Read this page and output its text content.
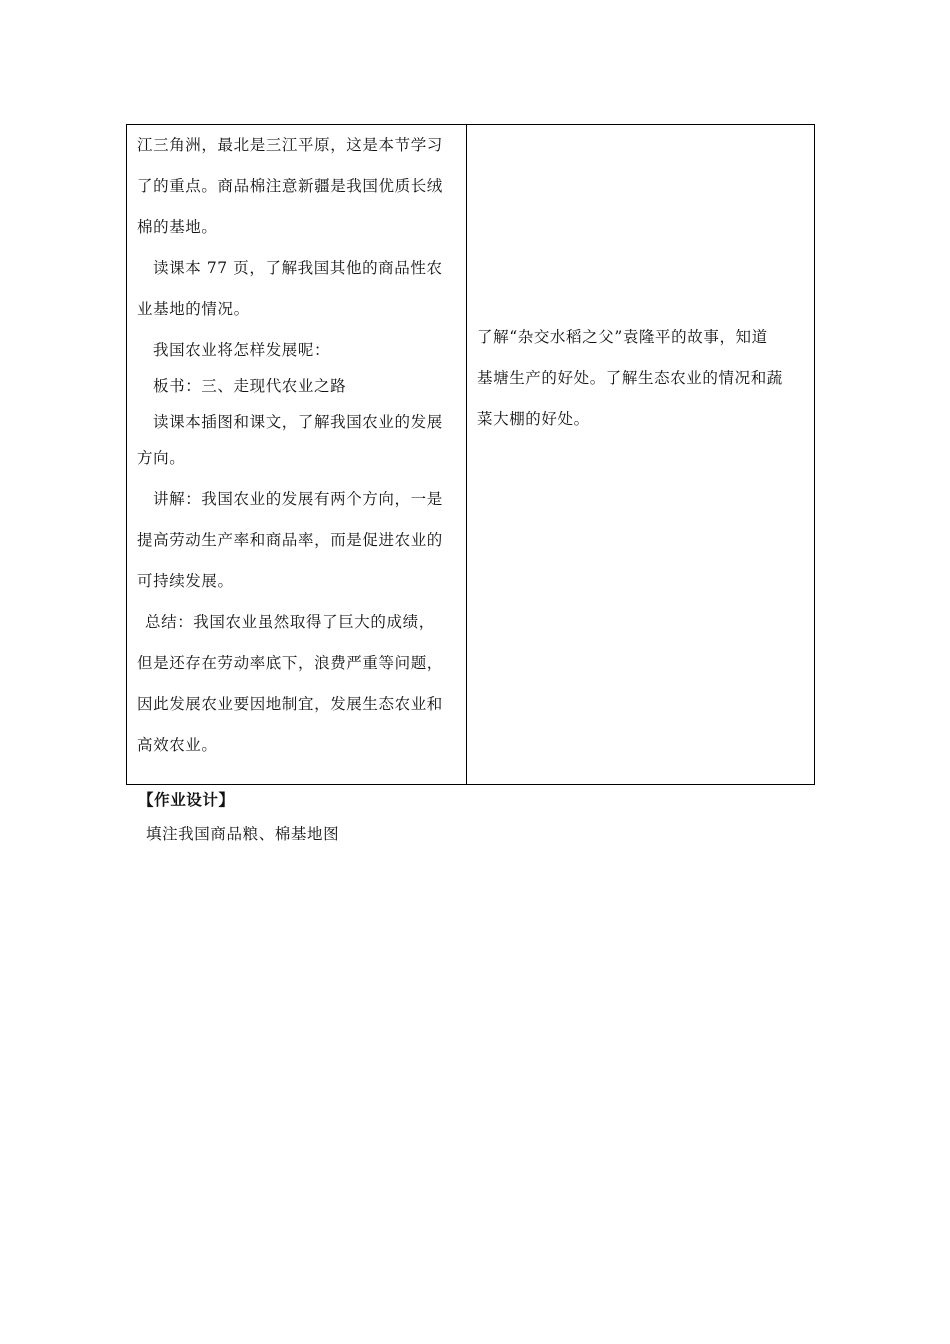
江三角洲，最北是三江平原，这是本节学习
了的重点。商品棉注意新疆是我国优质长绒
棉的基地。
读课本 77 页，了解我国其他的商品性农
业基地的情况。
我国农业将怎样发展呢：
板书：三、走现代农业之路
读课本插图和课文，了解我国农业的发展
方向。
讲解：我国农业的发展有两个方向，一是
提高劳动生产率和商品率，而是促进农业的
可持续发展。
总结：我国农业虽然取得了巨大的成绩，
但是还存在劳动率底下，浪费严重等问题，
因此发展农业要因地制宜，发展生态农业和
高效农业。
了解“杂交水稻之父”袁隆平的故事，知道
基塘生产的好处。了解生态农业的情况和蔬
菜大棚的好处。
【作业设计】
填注我国商品粮、棉基地图
